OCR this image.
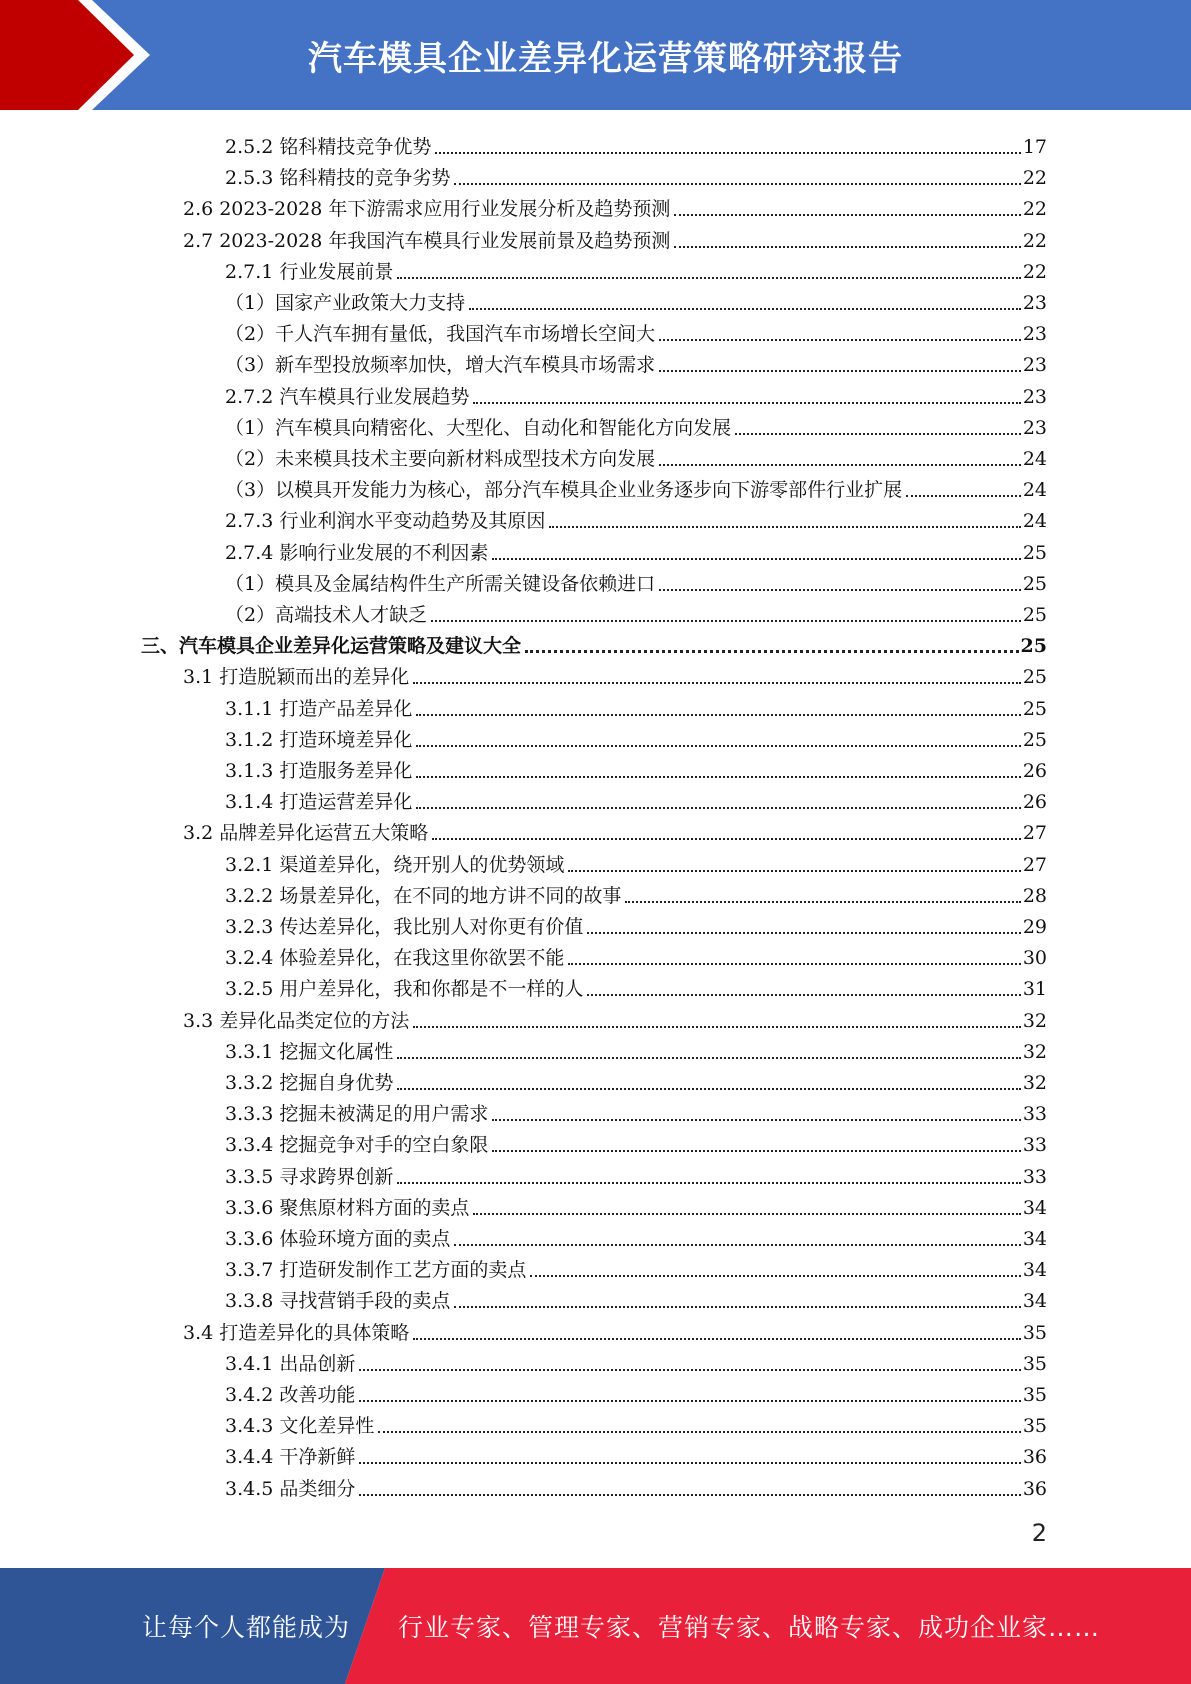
汽车模具企业差异化运营策略研究报告
2.5.2 铭科精技竞争优势	17
2.5.3 铭科精技的竞争劣势	22
2.6 2023-2028 年下游需求应用行业发展分析及趋势预测	22
2.7 2023-2028 年我国汽车模具行业发展前景及趋势预测	22
2.7.1 行业发展前景	22
（1）国家产业政策大力支持	23
（2）千人汽车拥有量低，我国汽车市场增长空间大	23
（3）新车型投放频率加快，增大汽车模具市场需求	23
2.7.2 汽车模具行业发展趋势	23
（1）汽车模具向精密化、大型化、自动化和智能化方向发展	23
（2）未来模具技术主要向新材料成型技术方向发展	24
（3）以模具开发能力为核心，部分汽车模具企业业务逐步向下游零部件行业扩展	24
2.7.3 行业利润水平变动趋势及其原因	24
2.7.4 影响行业发展的不利因素	25
（1）模具及金属结构件生产所需关键设备依赖进口	25
（2）高端技术人才缺乏	25
三、汽车模具企业差异化运营策略及建议大全	25
3.1 打造脱颖而出的差异化	25
3.1.1 打造产品差异化	25
3.1.2 打造环境差异化	25
3.1.3 打造服务差异化	26
3.1.4 打造运营差异化	26
3.2 品牌差异化运营五大策略	27
3.2.1 渠道差异化，绕开别人的优势领域	27
3.2.2 场景差异化，在不同的地方讲不同的故事	28
3.2.3 传达差异化，我比别人对你更有价值	29
3.2.4 体验差异化，在我这里你欲罢不能	30
3.2.5 用户差异化，我和你都是不一样的人	31
3.3 差异化品类定位的方法	32
3.3.1 挖掘文化属性	32
3.3.2 挖掘自身优势	32
3.3.3 挖掘未被满足的用户需求	33
3.3.4 挖掘竞争对手的空白象限	33
3.3.5 寻求跨界创新	33
3.3.6 聚焦原材料方面的卖点	34
3.3.6 体验环境方面的卖点	34
3.3.7 打造研发制作工艺方面的卖点	34
3.3.8 寻找营销手段的卖点	34
3.4 打造差异化的具体策略	35
3.4.1 出品创新	35
3.4.2 改善功能	35
3.4.3 文化差异性	35
3.4.4 干净新鲜	36
3.4.5 品类细分	36
2
让每个人都能成为 行业专家、管理专家、营销专家、战略专家、成功企业家……
